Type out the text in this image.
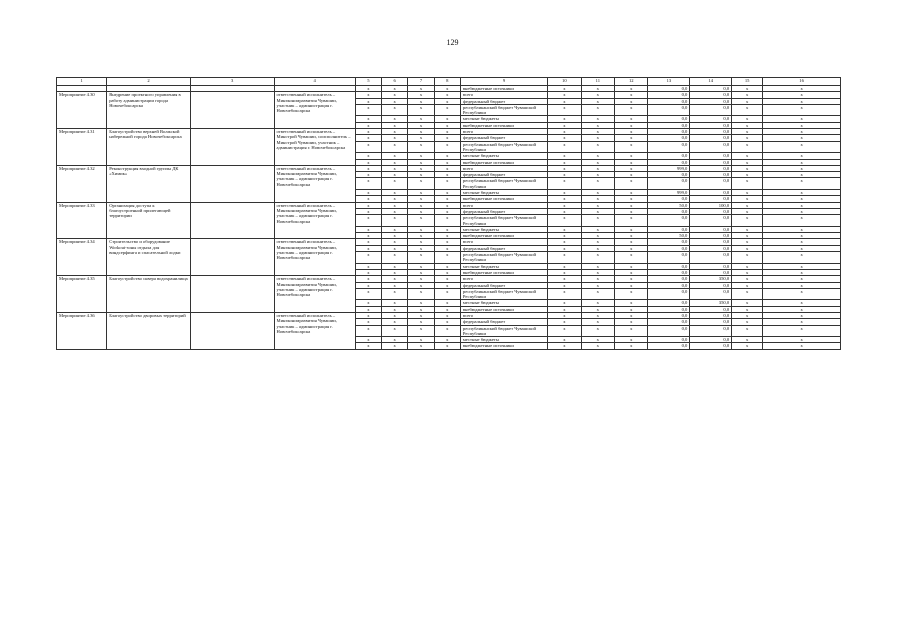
129
1	2	3	4	5	6	7	8	9	10	11	12	13	14	15	16
				х	х	х	х	внебюджетные источники	х	х	х	0,0	0,0	х	х
Мероприятие 4.30	Внедрение проектного управления в работу администрации города Новочебоксарска		ответственный исполнитель – Минэкономразвития Чувашии, участник – администрация г. Новочебоксарска	х	х	х	х	всего	х	х	х	0,0	0,0	х	х
				х	х	х	х	федеральный бюджет	х	х	х	0,0	0,0	х	х
				х	х	х	х	республиканский бюджет Чувашской Республики	х	х	х	0,0	0,0	х	х
				х	х	х	х	местные бюджеты	х	х	х	0,0	0,0	х	х
				х	х	х	х	внебюджетные источники	х	х	х	0,0	0,0	х	х
Мероприятие 4.31	Благоустройство верхней Волжской набережной города Новочебоксарска		ответственный исполнитель – Минстрой Чувашии, соисполнитель – Минстрой Чувашии, участник – администрация г. Новочебоксарска	х	х	х	х	всего	х	х	х	0,0	0,0	х	х
				х	х	х	х	федеральный бюджет	х	х	х	0,0	0,0	х	х
				х	х	х	х	республиканский бюджет Чувашской Республики	х	х	х	0,0	0,0	х	х
				х	х	х	х	местные бюджеты	х	х	х	0,0	0,0	х	х
				х	х	х	х	внебюджетные источники	х	х	х	0,0	0,0	х	х
Мероприятие 4.32	Реконструкция входной группы ДК «Химик»		ответственный исполнитель – Минэкономразвития Чувашии, участник – администрация г. Новочебоксарска	х	х	х	х	всего	х	х	х	999,0	0,0	х	х
				х	х	х	х	федеральный бюджет	х	х	х	0,0	0,0	х	х
				х	х	х	х	республиканский бюджет Чувашской Республики	х	х	х	0,0	0,0	х	х
				х	х	х	х	местные бюджеты	х	х	х	999,0	0,0	х	х
				х	х	х	х	внебюджетные источники	х	х	х	0,0	0,0	х	х
Мероприятие 4.33	Организация доступа к благоустроенной прилегающей территории		ответственный исполнитель – Минэкономразвития Чувашии, участник – администрация г. Новочебоксарска	х	х	х	х	всего	х	х	х	50,0	100,0	х	х
				х	х	х	х	федеральный бюджет	х	х	х	0,0	0,0	х	х
				х	х	х	х	республиканский бюджет Чувашской Республики	х	х	х	0,0	0,0	х	х
				х	х	х	х	местные бюджеты	х	х	х	0,0	0,0	х	х
				х	х	х	х	внебюджетные источники	х	х	х	50,0	0,0	х	х
Мероприятие 4.34	Строительство и оборудование Workout-зоны отдыха для виндсерфинга и спасательной лодки		ответственный исполнитель – Минэкономразвития Чувашии, участник – администрация г. Новочебоксарска	х	х	х	х	всего	х	х	х	0,0	0,0	х	х
				х	х	х	х	федеральный бюджет	х	х	х	0,0	0,0	х	х
				х	х	х	х	республиканский бюджет Чувашской Республики	х	х	х	0,0	0,0	х	х
				х	х	х	х	местные бюджеты	х	х	х	0,0	0,0	х	х
				х	х	х	х	внебюджетные источники	х	х	х	0,0	0,0	х	х
Мероприятие 4.35	Благоустройство сквера водохранилища		ответственный исполнитель – Минэкономразвития Чувашии, участник – администрация г. Новочебоксарска	х	х	х	х	всего	х	х	х	0,0	350,0	х	х
				х	х	х	х	федеральный бюджет	х	х	х	0,0	0,0	х	х
				х	х	х	х	республиканский бюджет Чувашской Республики	х	х	х	0,0	0,0	х	х
				х	х	х	х	местные бюджеты	х	х	х	0,0	350,0	х	х
				х	х	х	х	внебюджетные источники	х	х	х	0,0	0,0	х	х
Мероприятие 4.36	Благоустройство дворовых территорий		ответственный исполнитель – Минэкономразвития Чувашии, участник – администрация г. Новочебоксарска	х	х	х	х	всего	х	х	х	0,0	0,0	х	х
				х	х	х	х	федеральный бюджет	х	х	х	0,0	0,0	х	х
				х	х	х	х	республиканский бюджет Чувашской Республики	х	х	х	0,0	0,0	х	х
				х	х	х	х	местные бюджеты	х	х	х	0,0	0,0	х	х
				х	х	х	х	внебюджетные источники	х	х	х	0,0	0,0	х	х
